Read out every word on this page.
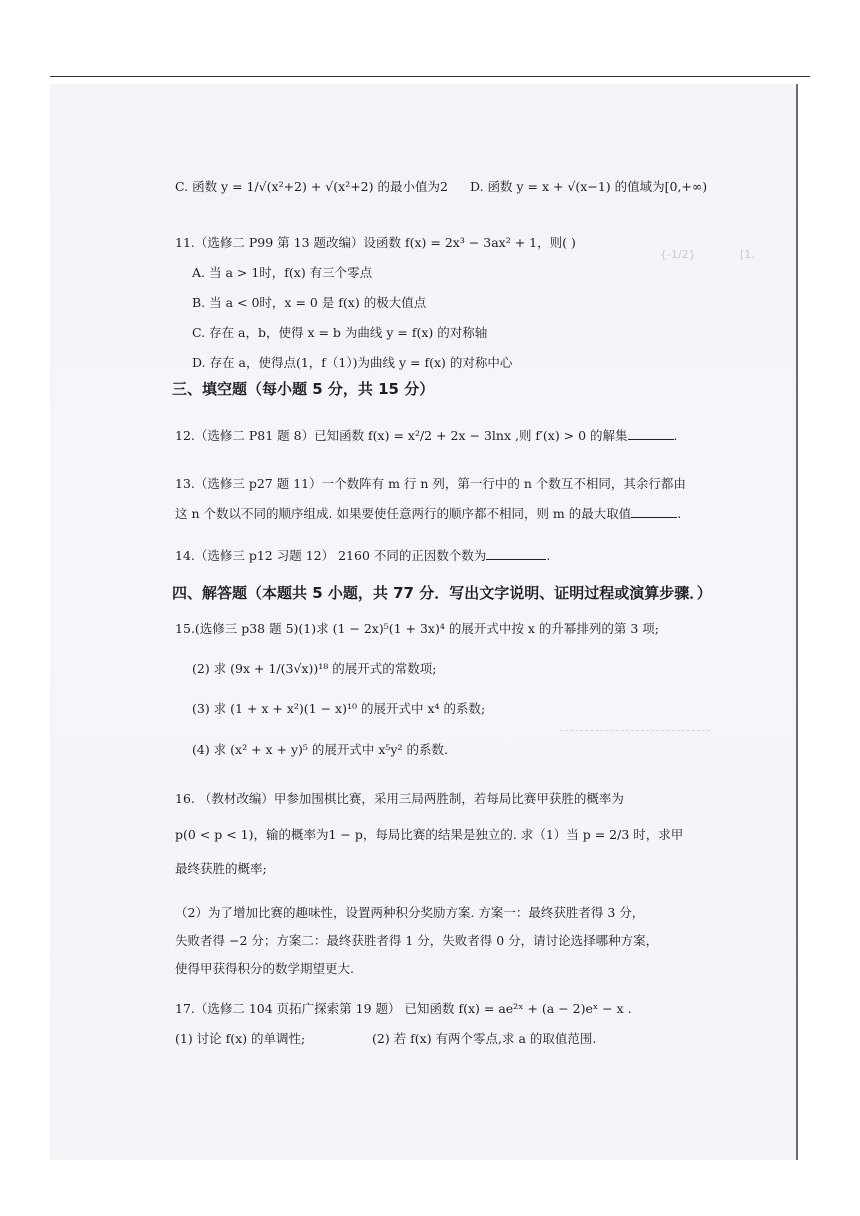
{-1/2}	[1,
C. 函数 y = 1/√(x²+2) + √(x²+2) 的最小值为2 D. 函数 y = x + √(x−1) 的值域为[0,+∞)
11.（选修二 P99 第 13 题改编）设函数 f(x) = 2x³ − 3ax² + 1，则( )
A. 当 a > 1时，f(x) 有三个零点
B. 当 a < 0时，x = 0 是 f(x) 的极大值点
C. 存在 a，b，使得 x = b 为曲线 y = f(x) 的对称轴
D. 存在 a，使得点(1，f（1）)为曲线 y = f(x) 的对称中心
三、填空题（每小题 5 分，共 15 分）
12.（选修二 P81 题 8）已知函数 f(x) = x²/2 + 2x − 3lnx ,则 f′(x) > 0 的解集	.
13.（选修三 p27 题 11）一个数阵有 m 行 n 列，第一行中的 n 个数互不相同，其余行都由
这 n 个数以不同的顺序组成. 如果要使任意两行的顺序都不相同，则 m 的最大取值	.
14.（选修三 p12 习题 12） 2160 不同的正因数个数为	.
四、解答题（本题共 5 小题，共 77 分．写出文字说明、证明过程或演算步骤．）
15.(选修三 p38 题 5)(1)求 (1 − 2x)⁵(1 + 3x)⁴ 的展开式中按 x 的升幂排列的第 3 项;
(2) 求 (9x + 1/(3√x))¹⁸ 的展开式的常数项;
(3) 求 (1 + x + x²)(1 − x)¹⁰ 的展开式中 x⁴ 的系数;
(4) 求 (x² + x + y)⁵ 的展开式中 x⁵y² 的系数.
16. （教材改编）甲参加围棋比赛，采用三局两胜制，若每局比赛甲获胜的概率为
p(0 < p < 1)，输的概率为1 − p，每局比赛的结果是独立的. 求（1）当 p = 2/3 时，求甲
最终获胜的概率;
（2）为了增加比赛的趣味性，设置两种积分奖励方案. 方案一：最终获胜者得 3 分，
失败者得 −2 分；方案二：最终获胜者得 1 分，失败者得 0 分，请讨论选择哪种方案，
使得甲获得积分的数学期望更大.
17.（选修二 104 页拓广探索第 19 题） 已知函数 f(x) = ae²ˣ + (a − 2)eˣ − x .
(1) 讨论 f(x) 的单调性;	(2) 若 f(x) 有两个零点,求 a 的取值范围.
